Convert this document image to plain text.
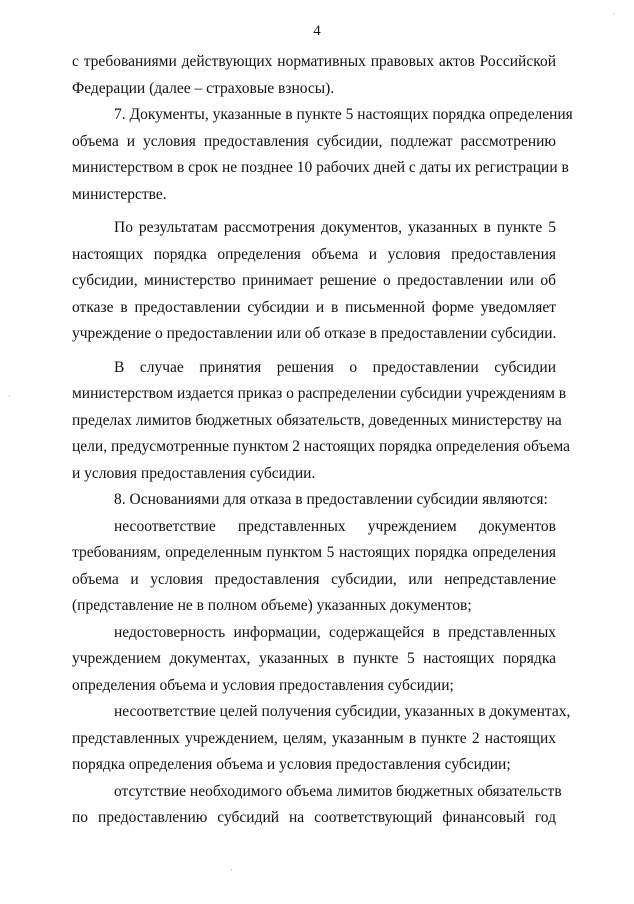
4
с требованиями действующих нормативных правовых актов Российской
Федерации (далее – страховые взносы).
7. Документы, указанные в пункте 5 настоящих порядка определения
объема и условия предоставления субсидии, подлежат рассмотрению
министерством в срок не позднее 10 рабочих дней с даты их регистрации в
министерстве.
По результатам рассмотрения документов, указанных в пункте 5
настоящих порядка определения объема и условия предоставления
субсидии, министерство принимает решение о предоставлении или об
отказе в предоставлении субсидии и в письменной форме уведомляет
учреждение о предоставлении или об отказе в предоставлении субсидии.
В случае принятия решения о предоставлении субсидии
министерством издается приказ о распределении субсидии учреждениям в
пределах лимитов бюджетных обязательств, доведенных министерству на
цели, предусмотренные пунктом 2 настоящих порядка определения объема
и условия предоставления субсидии.
8. Основаниями для отказа в предоставлении субсидии являются:
несоответствие представленных учреждением документов
требованиям, определенным пунктом 5 настоящих порядка определения
объема и условия предоставления субсидии, или непредставление
(представление не в полном объеме) указанных документов;
недостоверность информации, содержащейся в представленных
учреждением документах, указанных в пункте 5 настоящих порядка
определения объема и условия предоставления субсидии;
несоответствие целей получения субсидии, указанных в документах,
представленных учреждением, целям, указанным в пункте 2 настоящих
порядка определения объема и условия предоставления субсидии;
отсутствие необходимого объема лимитов бюджетных обязательств
по предоставлению субсидий на соответствующий финансовый год
·
·
·
